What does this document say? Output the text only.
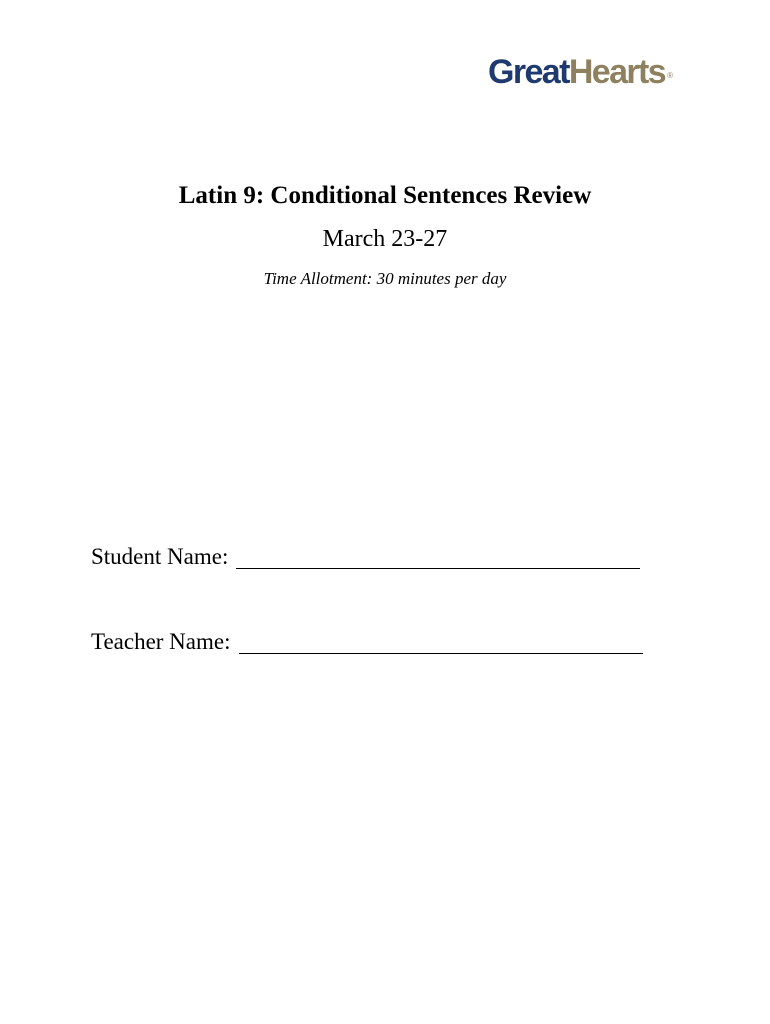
GreatHearts ®
Latin 9: Conditional Sentences Review
March 23-27
Time Allotment: 30 minutes per day
Student Name:
Teacher Name:
